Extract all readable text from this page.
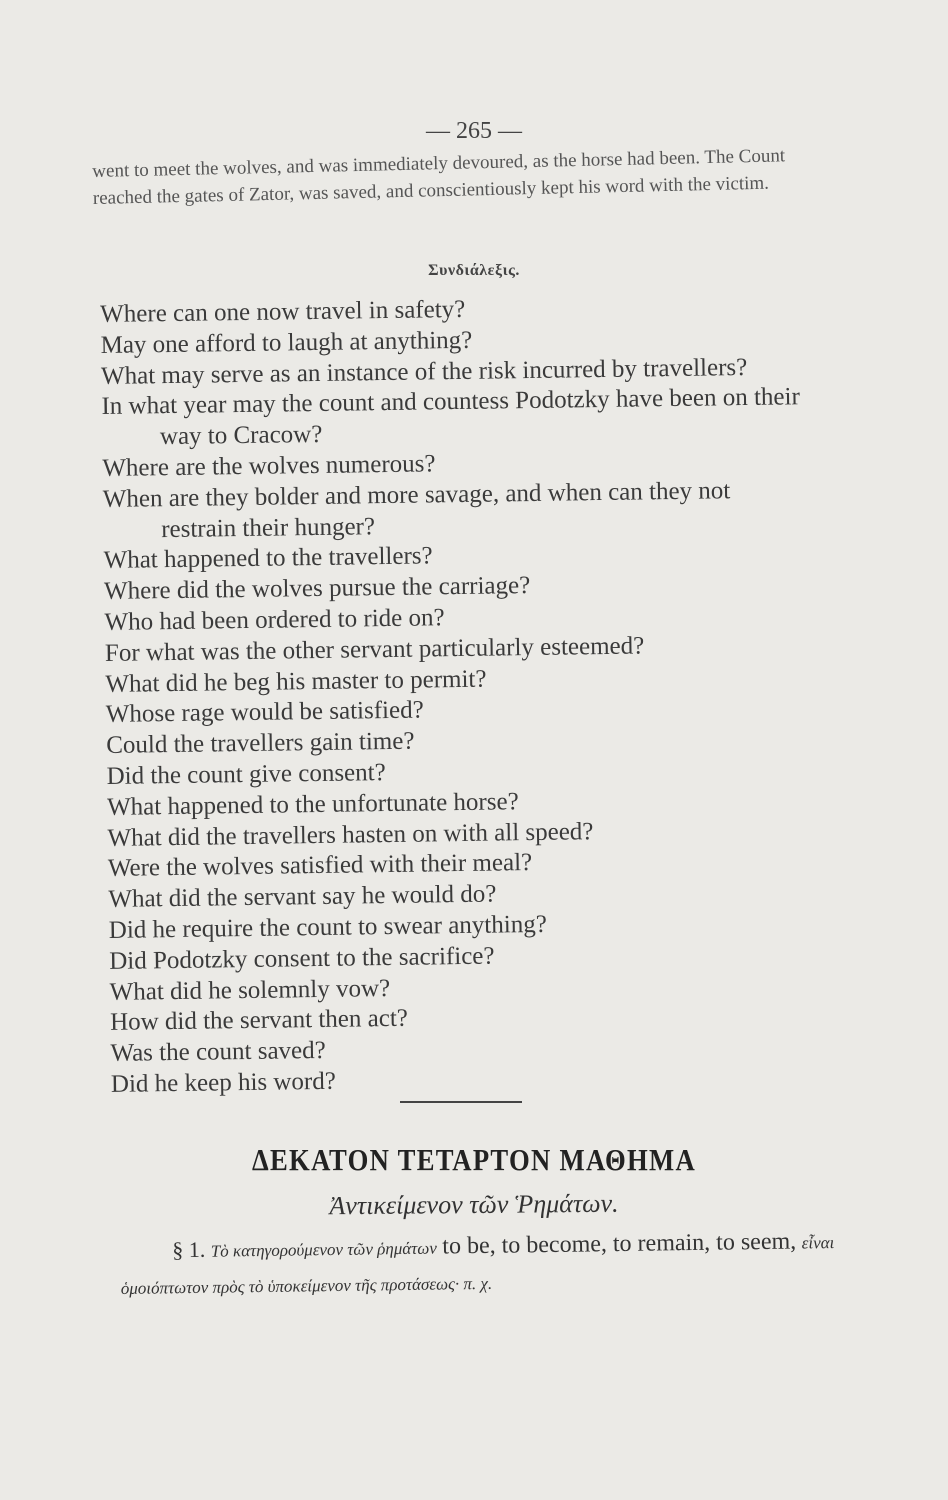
— 265 —

went to meet the wolves, and was immediately devoured, as the horse had been. The Count reached the gates of Zator, was saved, and conscientiously kept his word with the victim.

Συνδιάλεξις.

Where can one now travel in safety?

May one afford to laugh at anything?

What may serve as an instance of the risk incurred by travellers?

In what year may the count and countess Podotzky have been on their way to Cracow?

Where are the wolves numerous?

When are they bolder and more savage, and when can they not restrain their hunger?

What happened to the travellers?

Where did the wolves pursue the carriage?

Who had been ordered to ride on?

For what was the other servant particularly esteemed?

What did he beg his master to permit?

Whose rage would be satisfied?

Could the travellers gain time?

Did the count give consent?

What happened to the unfortunate horse?

What did the travellers hasten on with all speed?

Were the wolves satisfied with their meal?

What did the servant say he would do?

Did he require the count to swear anything?

Did Podotzky consent to the sacrifice?

What did he solemnly vow?

How did the servant then act?

Was the count saved?

Did he keep his word?

ΔΕΚΑΤΟΝ ΤΕΤΑΡΤΟΝ ΜΑΘΗΜΑ
Ἀντικείμενον τῶν Ῥημάτων.
§ 1. Τὸ κατηγορούμενον τῶν ῥημάτων to be, to become, to remain, to seem, εἶναι ὁμοιόπτωτον πρὸς τὸ ὑποκείμενον τῆς προτάσεως· π. χ.
